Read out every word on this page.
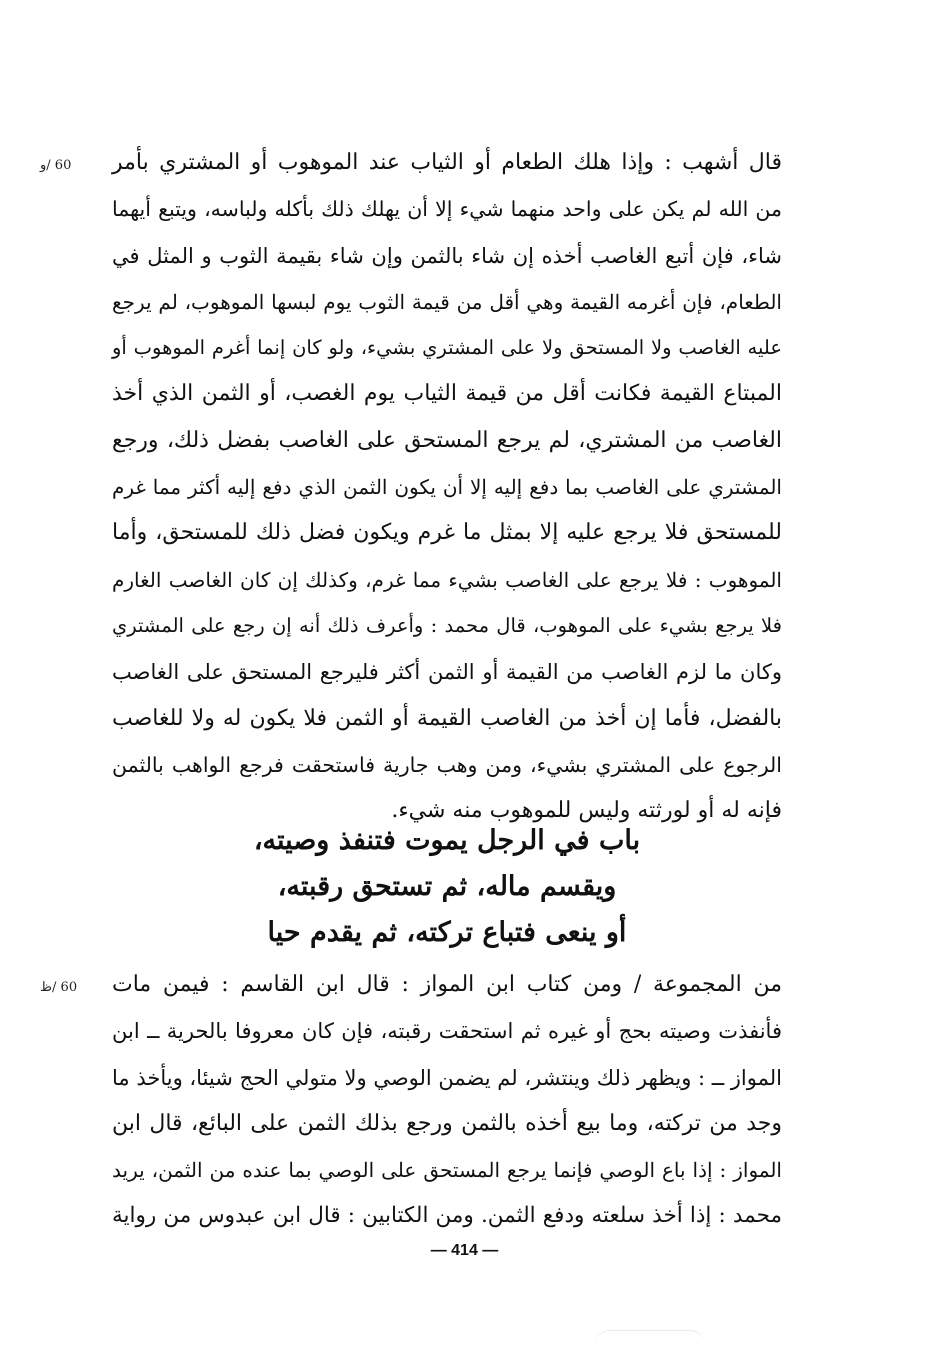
60 /و قال أشهب : وإذا هلك الطعام أو الثياب عند الموهوب أو المشتري بأمر
من الله لم يكن على واحد منهما شيء إلا أن يهلك ذلك بأكله ولباسه، ويتبع أيهما
شاء، فإن أتبع الغاصب أخذه إن شاء بالثمن وإن شاء بقيمة الثوب و المثل في
الطعام، فإن أغرمه القيمة وهي أقل من قيمة الثوب يوم لبسها الموهوب، لم يرجع
عليه الغاصب ولا المستحق ولا على المشتري بشيء، ولو كان إنما أغرم الموهوب أو
المبتاع القيمة فكانت أقل من قيمة الثياب يوم الغصب، أو الثمن الذي أخذ
الغاصب من المشتري، لم يرجع المستحق على الغاصب بفضل ذلك، ورجع
المشتري على الغاصب بما دفع إليه إلا أن يكون الثمن الذي دفع إليه أكثر مما غرم
للمستحق فلا يرجع عليه إلا بمثل ما غرم ويكون فضل ذلك للمستحق، وأما
الموهوب : فلا يرجع على الغاصب بشيء مما غرم، وكذلك إن كان الغاصب الغارم
فلا يرجع بشيء على الموهوب، قال محمد : وأعرف ذلك أنه إن رجع على المشتري
وكان ما لزم الغاصب من القيمة أو الثمن أكثر فليرجع المستحق على الغاصب
بالفضل، فأما إن أخذ من الغاصب القيمة أو الثمن فلا يكون له ولا للغاصب
الرجوع على المشتري بشيء، ومن وهب جارية فاستحقت فرجع الواهب بالثمن
فإنه له أو لورثته وليس للموهوب منه شيء.
باب في الرجل يموت فتنفذ وصيته،
ويقسم ماله، ثم تستحق رقبته،
أو ينعى فتباع تركته، ثم يقدم حيا
60 /ظ من المجموعة / ومن كتاب ابن المواز : قال ابن القاسم : فيمن مات
فأنفذت وصيته بحج أو غيره ثم استحقت رقبته، فإن كان معروفا بالحرية ــ ابن
المواز ــ : ويظهر ذلك وينتشر، لم يضمن الوصي ولا متولي الحج شيئا، ويأخذ ما
وجد من تركته، وما بيع أخذه بالثمن ورجع بذلك الثمن على البائع، قال ابن
المواز : إذا باع الوصي فإنما يرجع المستحق على الوصي بما عنده من الثمن، يريد
محمد : إذا أخذ سلعته ودفع الثمن. ومن الكتابين : قال ابن عبدوس من رواية
— 414 —
